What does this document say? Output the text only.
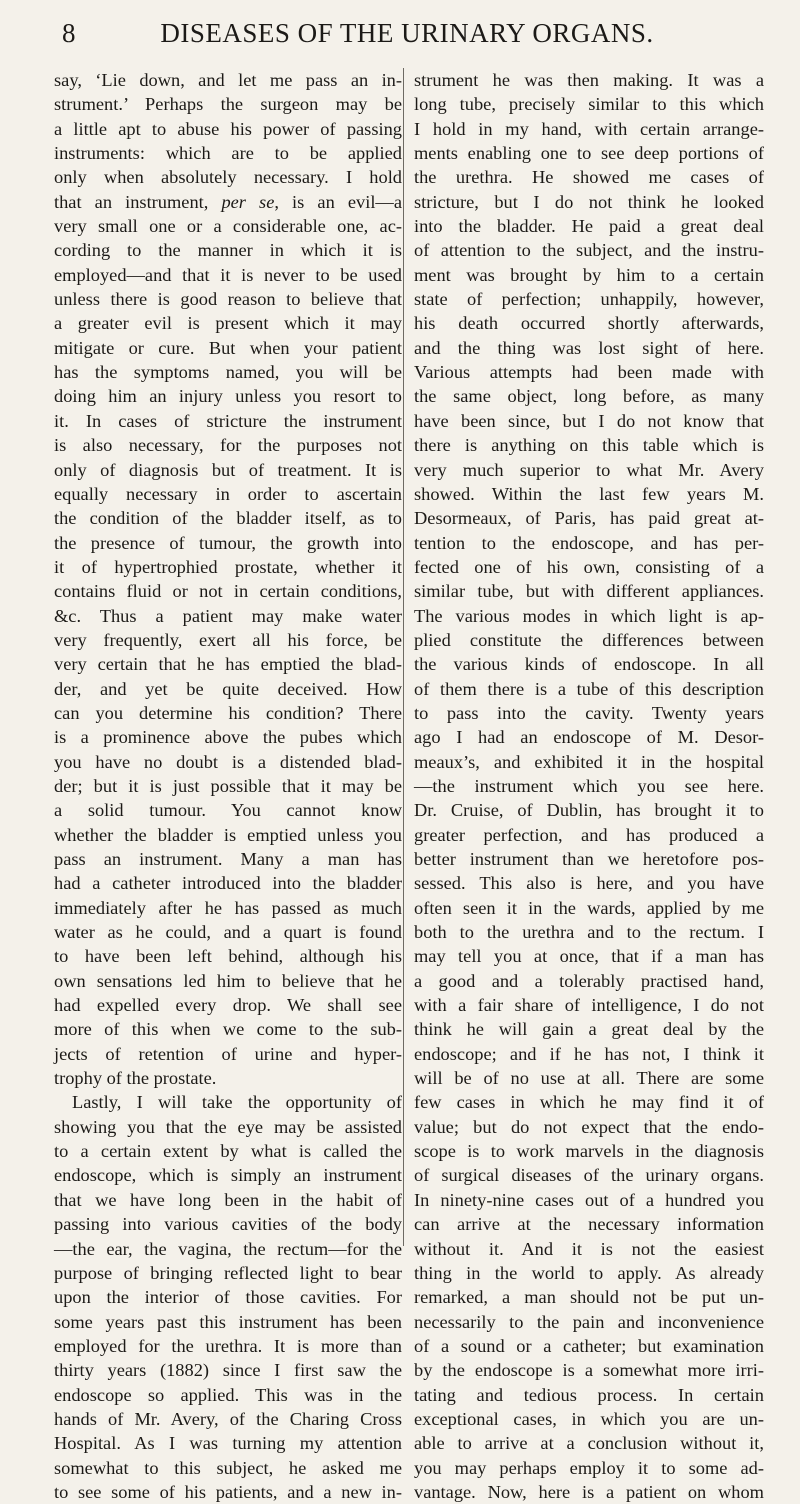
8	DISEASES OF THE URINARY ORGANS.
say, ‘Lie down, and let me pass an in-
strument.’ Perhaps the surgeon may be
a little apt to abuse his power of passing
instruments: which are to be applied
only when absolutely necessary. I hold
that an instrument, per se, is an evil—a
very small one or a considerable one, ac-
cording to the manner in which it is
employed—and that it is never to be used
unless there is good reason to believe that
a greater evil is present which it may
mitigate or cure. But when your patient
has the symptoms named, you will be
doing him an injury unless you resort to
it. In cases of stricture the instrument
is also necessary, for the purposes not
only of diagnosis but of treatment. It is
equally necessary in order to ascertain
the condition of the bladder itself, as to
the presence of tumour, the growth into
it of hypertrophied prostate, whether it
contains fluid or not in certain conditions,
&c. Thus a patient may make water
very frequently, exert all his force, be
very certain that he has emptied the blad-
der, and yet be quite deceived. How
can you determine his condition? There
is a prominence above the pubes which
you have no doubt is a distended blad-
der; but it is just possible that it may be
a solid tumour. You cannot know
whether the bladder is emptied unless you
pass an instrument. Many a man has
had a catheter introduced into the bladder
immediately after he has passed as much
water as he could, and a quart is found
to have been left behind, although his
own sensations led him to believe that he
had expelled every drop. We shall see
more of this when we come to the sub-
jects of retention of urine and hyper-
trophy of the prostate.
Lastly, I will take the opportunity of
showing you that the eye may be assisted
to a certain extent by what is called the
endoscope, which is simply an instrument
that we have long been in the habit of
passing into various cavities of the body
—the ear, the vagina, the rectum—for the
purpose of bringing reflected light to bear
upon the interior of those cavities. For
some years past this instrument has been
employed for the urethra. It is more than
thirty years (1882) since I first saw the
endoscope so applied. This was in the
hands of Mr. Avery, of the Charing Cross
Hospital. As I was turning my attention
somewhat to this subject, he asked me
to see some of his patients, and a new in-
strument he was then making. It was a
long tube, precisely similar to this which
I hold in my hand, with certain arrange-
ments enabling one to see deep portions of
the urethra. He showed me cases of
stricture, but I do not think he looked
into the bladder. He paid a great deal
of attention to the subject, and the instru-
ment was brought by him to a certain
state of perfection; unhappily, however,
his death occurred shortly afterwards,
and the thing was lost sight of here.
Various attempts had been made with
the same object, long before, as many
have been since, but I do not know that
there is anything on this table which is
very much superior to what Mr. Avery
showed. Within the last few years M.
Desormeaux, of Paris, has paid great at-
tention to the endoscope, and has per-
fected one of his own, consisting of a
similar tube, but with different appliances.
The various modes in which light is ap-
plied constitute the differences between
the various kinds of endoscope. In all
of them there is a tube of this description
to pass into the cavity. Twenty years
ago I had an endoscope of M. Desor-
meaux’s, and exhibited it in the hospital
—the instrument which you see here.
Dr. Cruise, of Dublin, has brought it to
greater perfection, and has produced a
better instrument than we heretofore pos-
sessed. This also is here, and you have
often seen it in the wards, applied by me
both to the urethra and to the rectum. I
may tell you at once, that if a man has
a good and a tolerably practised hand,
with a fair share of intelligence, I do not
think he will gain a great deal by the
endoscope; and if he has not, I think it
will be of no use at all. There are some
few cases in which he may find it of
value; but do not expect that the endo-
scope is to work marvels in the diagnosis
of surgical diseases of the urinary organs.
In ninety-nine cases out of a hundred you
can arrive at the necessary information
without it. And it is not the easiest
thing in the world to apply. As already
remarked, a man should not be put un-
necessarily to the pain and inconvenience
of a sound or a catheter; but examination
by the endoscope is a somewhat more irri-
tating and tedious process. In certain
exceptional cases, in which you are un-
able to arrive at a conclusion without it,
you may perhaps employ it to some ad-
vantage. Now, here is a patient on whom
